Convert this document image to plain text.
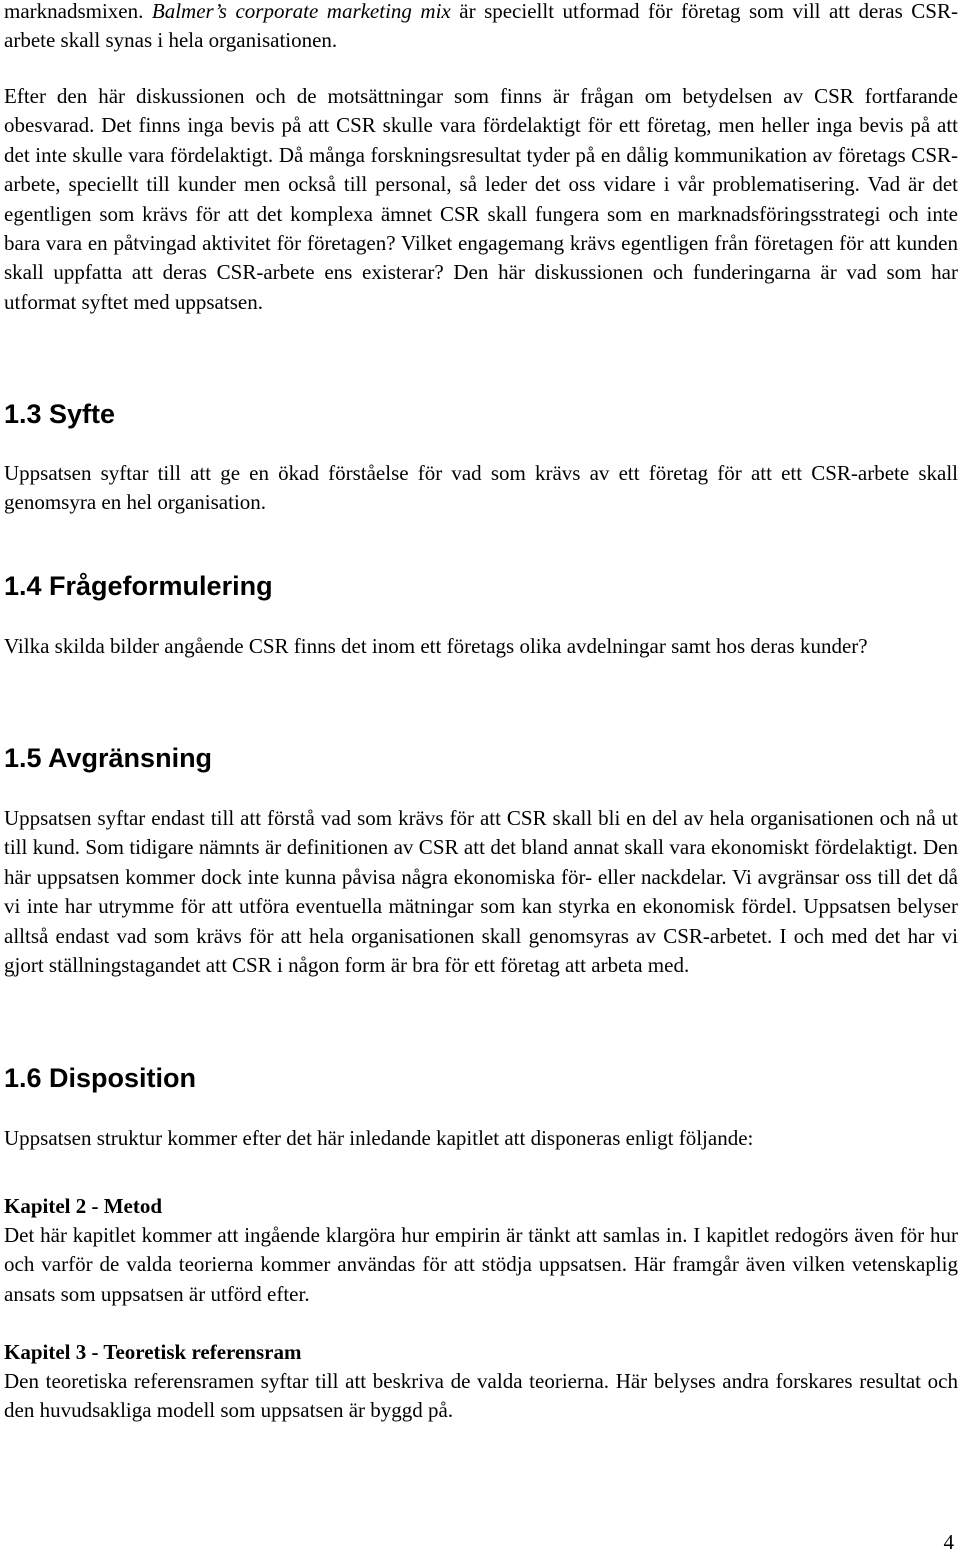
marknadsmixen. Balmer’s corporate marketing mix är speciellt utformad för företag som vill att deras CSR-arbete skall synas i hela organisationen.

Efter den här diskussionen och de motsättningar som finns är frågan om betydelsen av CSR fortfarande obesvarad. Det finns inga bevis på att CSR skulle vara fördelaktigt för ett företag, men heller inga bevis på att det inte skulle vara fördelaktigt. Då många forskningsresultat tyder på en dålig kommunikation av företags CSR-arbete, speciellt till kunder men också till personal, så leder det oss vidare i vår problematisering. Vad är det egentligen som krävs för att det komplexa ämnet CSR skall fungera som en marknadsföringsstrategi och inte bara vara en påtvingad aktivitet för företagen? Vilket engagemang krävs egentligen från företagen för att kunden skall uppfatta att deras CSR-arbete ens existerar? Den här diskussionen och funderingarna är vad som har utformat syftet med uppsatsen.

1.3 Syfte

Uppsatsen syftar till att ge en ökad förståelse för vad som krävs av ett företag för att ett CSR-arbete skall genomsyra en hel organisation.

1.4 Frågeformulering

Vilka skilda bilder angående CSR finns det inom ett företags olika avdelningar samt hos deras kunder?

1.5 Avgränsning

Uppsatsen syftar endast till att förstå vad som krävs för att CSR skall bli en del av hela organisationen och nå ut till kund. Som tidigare nämnts är definitionen av CSR att det bland annat skall vara ekonomiskt fördelaktigt. Den här uppsatsen kommer dock inte kunna påvisa några ekonomiska för- eller nackdelar. Vi avgränsar oss till det då vi inte har utrymme för att utföra eventuella mätningar som kan styrka en ekonomisk fördel. Uppsatsen belyser alltså endast vad som krävs för att hela organisationen skall genomsyras av CSR-arbetet. I och med det har vi gjort ställningstagandet att CSR i någon form är bra för ett företag att arbeta med.

1.6 Disposition

Uppsatsen struktur kommer efter det här inledande kapitlet att disponeras enligt följande:

Kapitel 2 - Metod

Det här kapitlet kommer att ingående klargöra hur empirin är tänkt att samlas in. I kapitlet redogörs även för hur och varför de valda teorierna kommer användas för att stödja uppsatsen. Här framgår även vilken vetenskaplig ansats som uppsatsen är utförd efter.

Kapitel 3 - Teoretisk referensram

Den teoretiska referensramen syftar till att beskriva de valda teorierna. Här belyses andra forskares resultat och den huvudsakliga modell som uppsatsen är byggd på.

4
